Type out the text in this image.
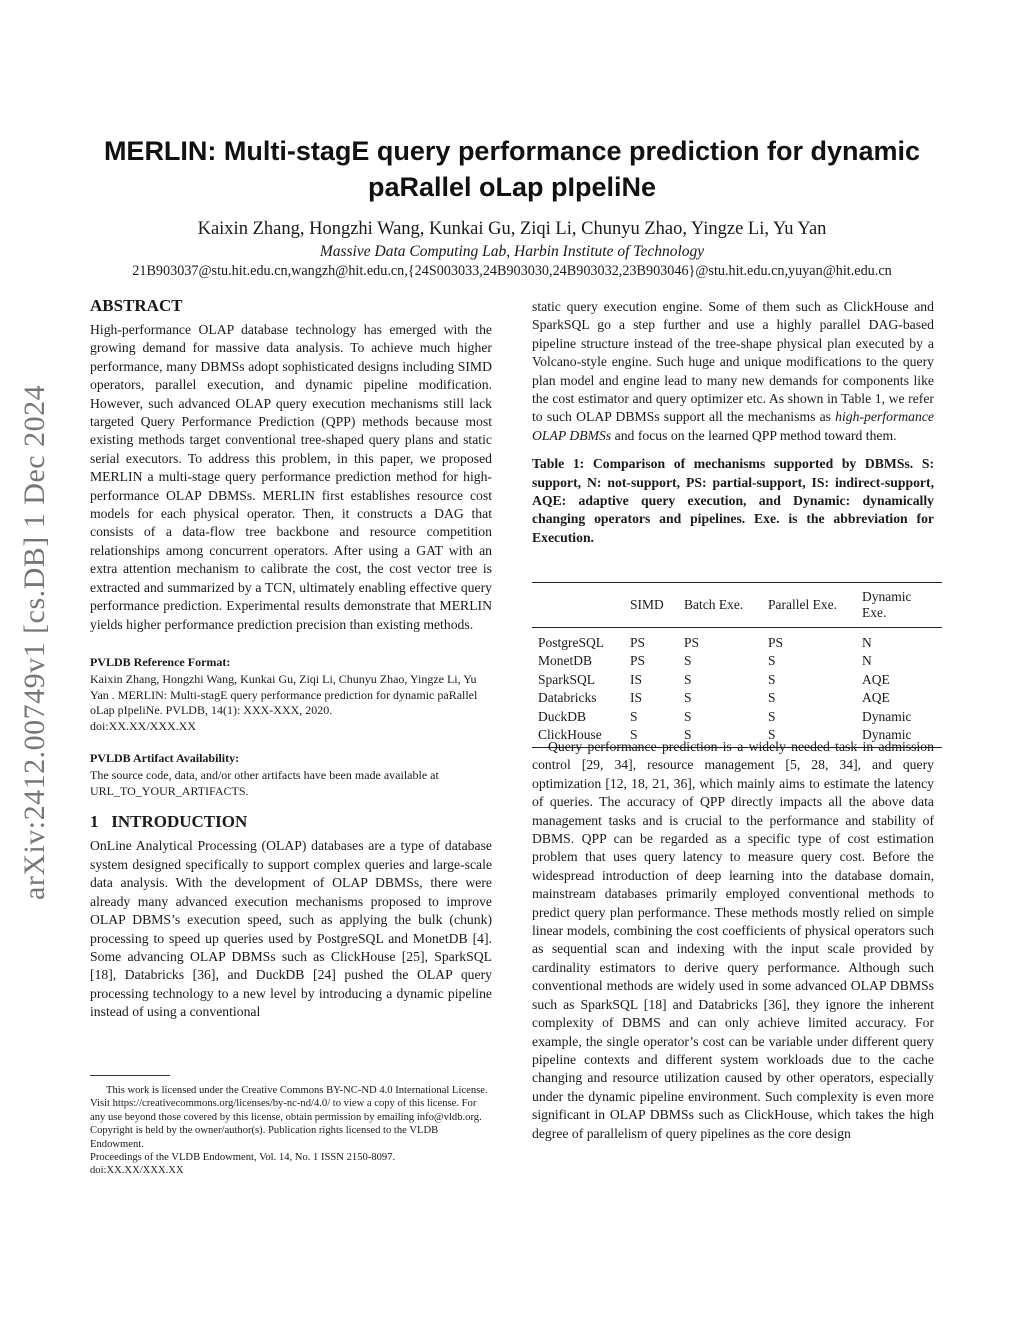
arXiv:2412.00749v1 [cs.DB] 1 Dec 2024
MERLIN: Multi-stagE query performance prediction for dynamic
paRallel oLap pIpeliNe
Kaixin Zhang, Hongzhi Wang, Kunkai Gu, Ziqi Li, Chunyu Zhao, Yingze Li, Yu Yan
Massive Data Computing Lab, Harbin Institute of Technology
21B903037@stu.hit.edu.cn,wangzh@hit.edu.cn,{24S003033,24B903030,24B903032,23B903046}@stu.hit.edu.cn,yuyan@hit.edu.cn
ABSTRACT

High-performance OLAP database technology has emerged with the growing demand for massive data analysis. To achieve much higher performance, many DBMSs adopt sophisticated designs including SIMD operators, parallel execution, and dynamic pipeline modification. However, such advanced OLAP query execution mechanisms still lack targeted Query Performance Prediction (QPP) methods because most existing methods target conventional tree-shaped query plans and static serial executors. To address this problem, in this paper, we proposed MERLIN a multi-stage query performance prediction method for high-performance OLAP DBMSs. MERLIN first establishes resource cost models for each physical operator. Then, it constructs a DAG that consists of a data-flow tree backbone and resource competition relationships among concurrent operators. After using a GAT with an extra attention mechanism to calibrate the cost, the cost vector tree is extracted and summarized by a TCN, ultimately enabling effective query performance prediction. Experimental results demonstrate that MERLIN yields higher performance prediction precision than existing methods.

PVLDB Reference Format:

Kaixin Zhang, Hongzhi Wang, Kunkai Gu, Ziqi Li, Chunyu Zhao, Yingze Li, Yu Yan . MERLIN: Multi-stagE query performance prediction for dynamic paRallel oLap pIpeliNe. PVLDB, 14(1): XXX-XXX, 2020.

doi:XX.XX/XXX.XX

PVLDB Artifact Availability:

The source code, data, and/or other artifacts have been made available at URL_TO_YOUR_ARTIFACTS.

1   INTRODUCTION

OnLine Analytical Processing (OLAP) databases are a type of database system designed specifically to support complex queries and large-scale data analysis. With the development of OLAP DBMSs, there were already many advanced execution mechanisms proposed to improve OLAP DBMS’s execution speed, such as applying the bulk (chunk) processing to speed up queries used by PostgreSQL and MonetDB [4]. Some advancing OLAP DBMSs such as ClickHouse [25], SparkSQL [18], Databricks [36], and DuckDB [24] pushed the OLAP query processing technology to a new level by introducing a dynamic pipeline instead of using a conventional

This work is licensed under the Creative Commons BY-NC-ND 4.0 International License. Visit https://creativecommons.org/licenses/by-nc-nd/4.0/ to view a copy of this license. For any use beyond those covered by this license, obtain permission by emailing info@vldb.org. Copyright is held by the owner/author(s). Publication rights licensed to the VLDB Endowment.

Proceedings of the VLDB Endowment, Vol. 14, No. 1 ISSN 2150-8097.

doi:XX.XX/XXX.XX

static query execution engine. Some of them such as ClickHouse and SparkSQL go a step further and use a highly parallel DAG-based pipeline structure instead of the tree-shape physical plan executed by a Volcano-style engine. Such huge and unique modifications to the query plan model and engine lead to many new demands for components like the cost estimator and query optimizer etc. As shown in Table 1, we refer to such OLAP DBMSs support all the mechanisms as high-performance OLAP DBMSs and focus on the learned QPP method toward them.

Table 1: Comparison of mechanisms supported by DBMSs. S: support, N: not-support, PS: partial-support, IS: indirect-support, AQE: adaptive query execution, and Dynamic: dynamically changing operators and pipelines. Exe. is the abbreviation for Execution.

	SIMD	Batch Exe.	Parallel Exe.	Dynamic Exe.
PostgreSQL	PS	PS	PS	N
MonetDB	PS	S	S	N
SparkSQL	IS	S	S	AQE
Databricks	IS	S	S	AQE
DuckDB	S	S	S	Dynamic
ClickHouse	S	S	S	Dynamic

Query performance prediction is a widely needed task in admission control [29, 34], resource management [5, 28, 34], and query optimization [12, 18, 21, 36], which mainly aims to estimate the latency of queries. The accuracy of QPP directly impacts all the above data management tasks and is crucial to the performance and stability of DBMS. QPP can be regarded as a specific type of cost estimation problem that uses query latency to measure query cost. Before the widespread introduction of deep learning into the database domain, mainstream databases primarily employed conventional methods to predict query plan performance. These methods mostly relied on simple linear models, combining the cost coefficients of physical operators such as sequential scan and indexing with the input scale provided by cardinality estimators to derive query performance. Although such conventional methods are widely used in some advanced OLAP DBMSs such as SparkSQL [18] and Databricks [36], they ignore the inherent complexity of DBMS and can only achieve limited accuracy. For example, the single operator’s cost can be variable under different query pipeline contexts and different system workloads due to the cache changing and resource utilization caused by other operators, especially under the dynamic pipeline environment. Such complexity is even more significant in OLAP DBMSs such as ClickHouse, which takes the high degree of parallelism of query pipelines as the core design
